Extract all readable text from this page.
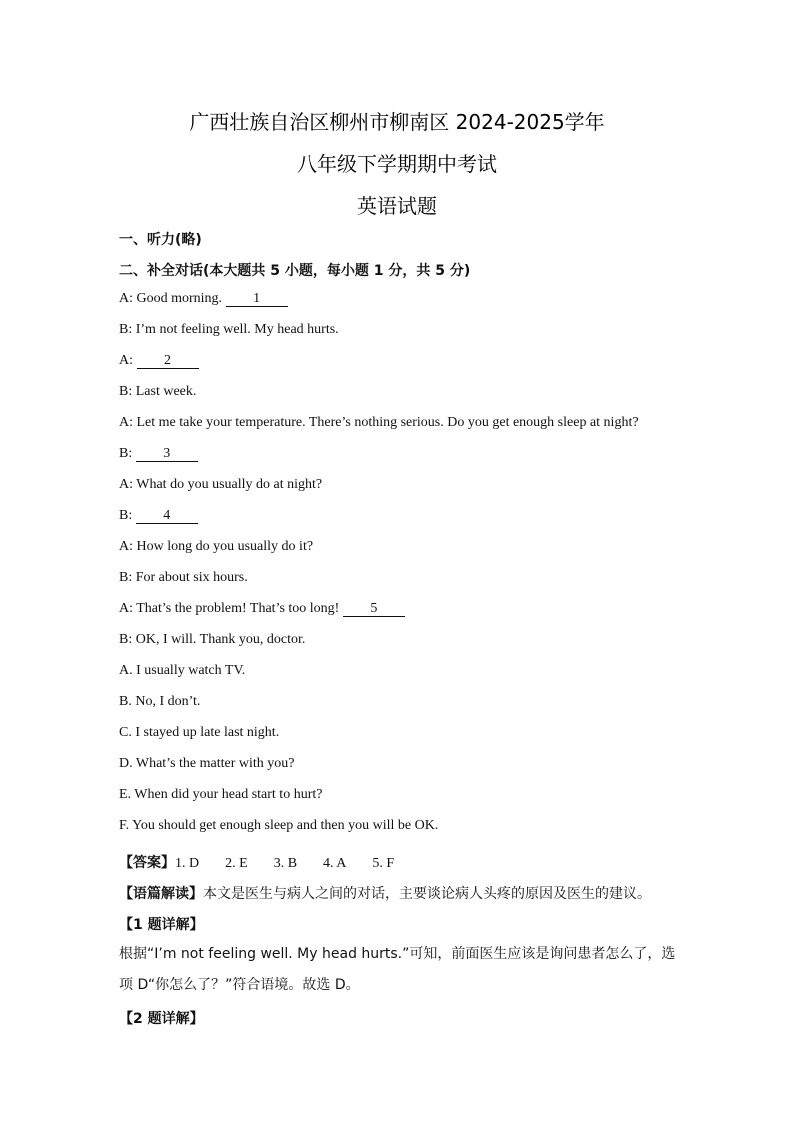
广西壮族自治区柳州市柳南区 2024-2025学年
八年级下学期期中考试
英语试题
一、听力(略)
二、补全对话(本大题共 5 小题，每小题 1 分，共 5 分)
A: Good morning. 1
B: I’m not feeling well. My head hurts.
A: 2
B: Last week.
A: Let me take your temperature. There’s nothing serious. Do you get enough sleep at night?
B: 3
A: What do you usually do at night?
B: 4
A: How long do you usually do it?
B: For about six hours.
A: That’s the problem! That’s too long! 5
B: OK, I will. Thank you, doctor.
A. I usually watch TV.
B. No, I don’t.
C. I stayed up late last night.
D. What’s the matter with you?
E. When did your head start to hurt?
F. You should get enough sleep and then you will be OK.
【答案】1. D 2. E 3. B 4. A 5. F
【语篇解读】本文是医生与病人之间的对话，主要谈论病人头疼的原因及医生的建议。
【1 题详解】
根据“I’m not feeling well. My head hurts.”可知，前面医生应该是询问患者怎么了，选项 D“你怎么了？”符合语境。故选 D。
【2 题详解】
